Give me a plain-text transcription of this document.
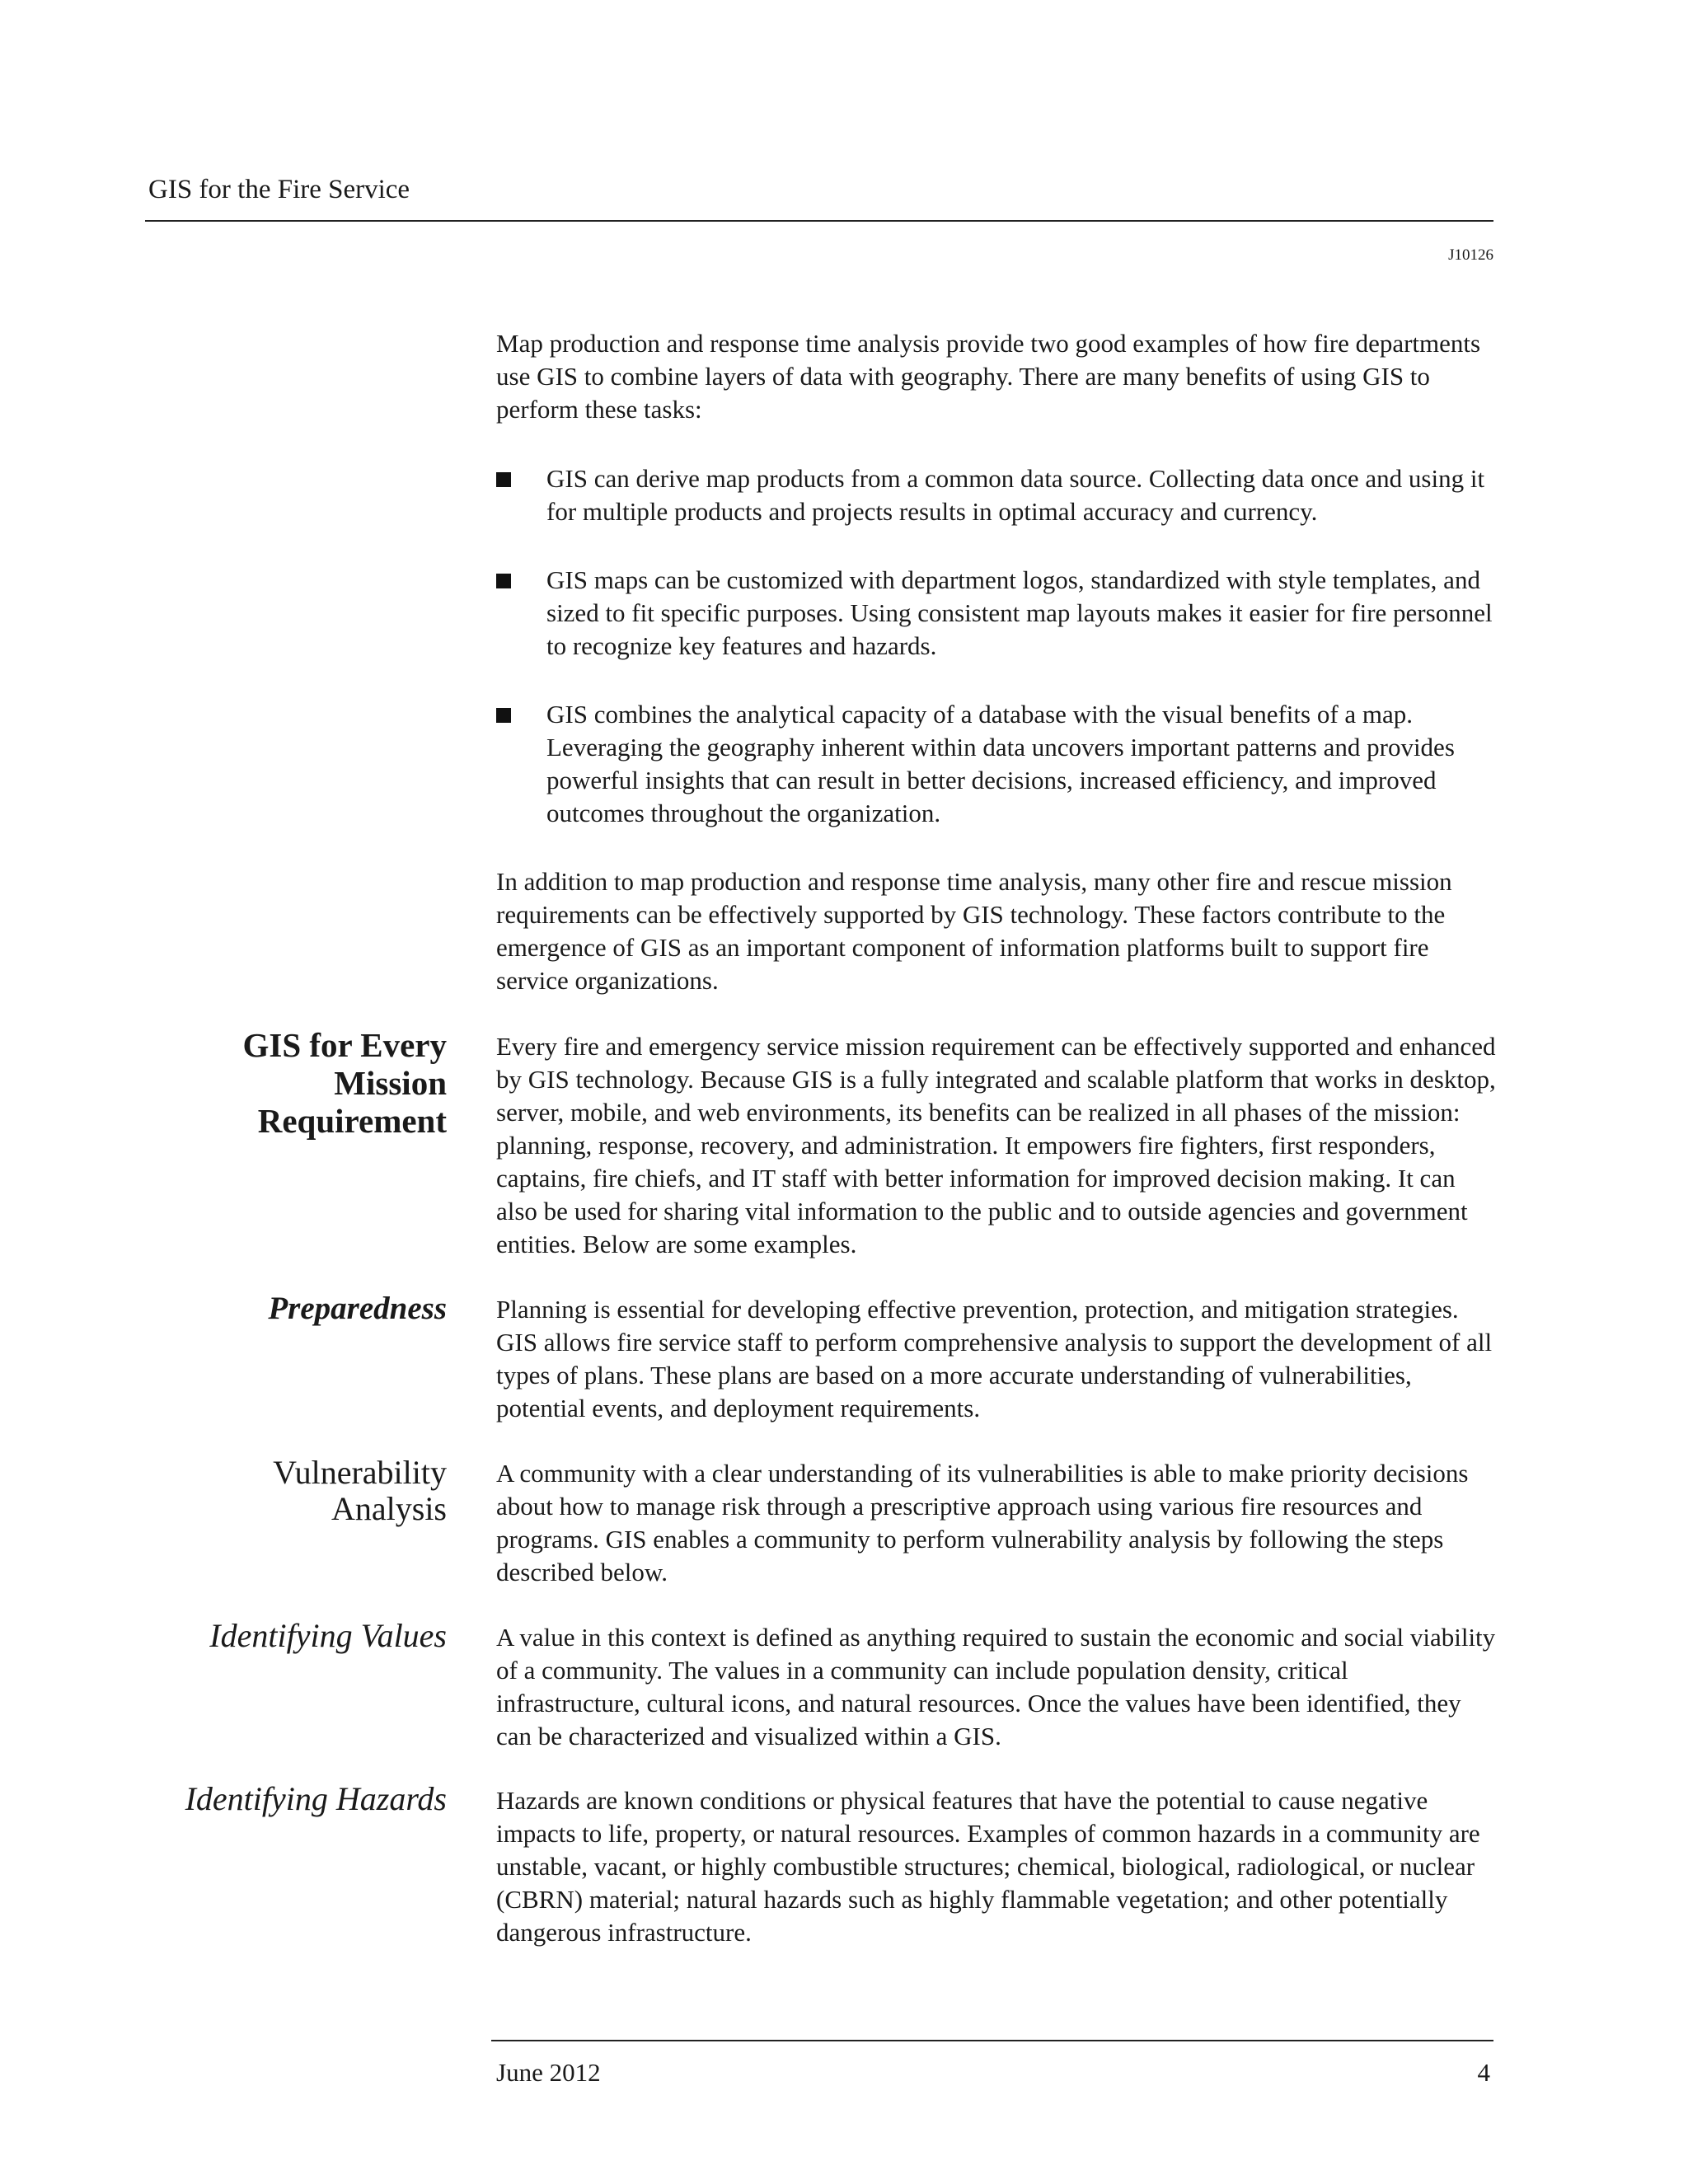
GIS for the Fire Service
J10126

Map production and response time analysis provide two good examples of how fire departments use GIS to combine layers of data with geography. There are many benefits of using GIS to perform these tasks:

GIS can derive map products from a common data source. Collecting data once and using it for multiple products and projects results in optimal accuracy and currency.
GIS maps can be customized with department logos, standardized with style templates, and sized to fit specific purposes. Using consistent map layouts makes it easier for fire personnel to recognize key features and hazards.
GIS combines the analytical capacity of a database with the visual benefits of a map. Leveraging the geography inherent within data uncovers important patterns and provides powerful insights that can result in better decisions, increased efficiency, and improved outcomes throughout the organization.

In addition to map production and response time analysis, many other fire and rescue mission requirements can be effectively supported by GIS technology. These factors contribute to the emergence of GIS as an important component of information platforms built to support fire service organizations.

GIS for Every
Mission
Requirement

Every fire and emergency service mission requirement can be effectively supported and enhanced by GIS technology. Because GIS is a fully integrated and scalable platform that works in desktop, server, mobile, and web environments, its benefits can be realized in all phases of the mission: planning, response, recovery, and administration. It empowers fire fighters, first responders, captains, fire chiefs, and IT staff with better information for improved decision making. It can also be used for sharing vital information to the public and to outside agencies and government entities. Below are some examples.

Preparedness Planning is essential for developing effective prevention, protection, and mitigation strategies. GIS allows fire service staff to perform comprehensive analysis to support the development of all types of plans. These plans are based on a more accurate understanding of vulnerabilities, potential events, and deployment requirements.

Vulnerability
Analysis

A community with a clear understanding of its vulnerabilities is able to make priority decisions about how to manage risk through a prescriptive approach using various fire resources and programs. GIS enables a community to perform vulnerability analysis by following the steps described below.

Identifying Values A value in this context is defined as anything required to sustain the economic and social viability of a community. The values in a community can include population density, critical infrastructure, cultural icons, and natural resources. Once the values have been identified, they can be characterized and visualized within a GIS.

Identifying Hazards Hazards are known conditions or physical features that have the potential to cause negative impacts to life, property, or natural resources. Examples of common hazards in a community are unstable, vacant, or highly combustible structures; chemical, biological, radiological, or nuclear (CBRN) material; natural hazards such as highly flammable vegetation; and other potentially dangerous infrastructure.

June 2012	4
